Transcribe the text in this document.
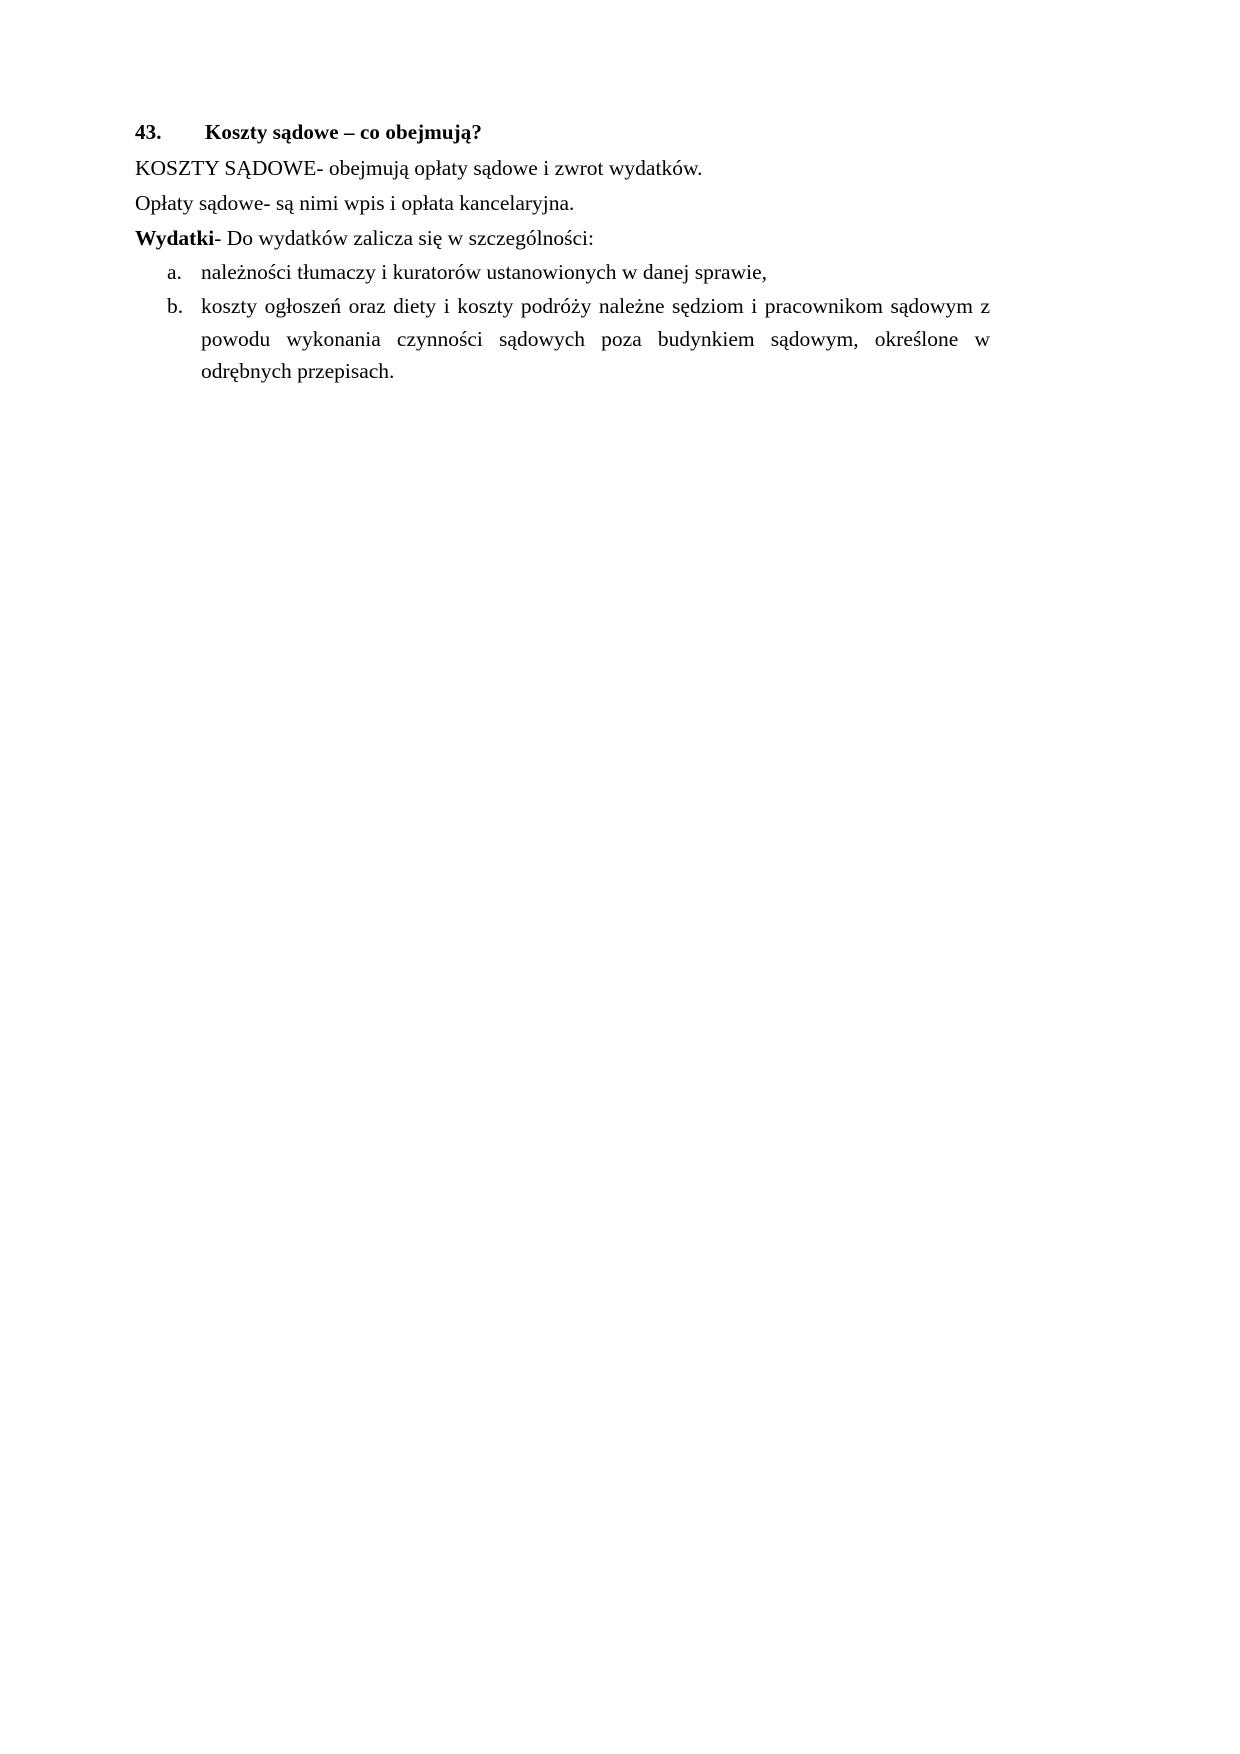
43. Koszty sądowe – co obejmują?

KOSZTY SĄDOWE- obejmują opłaty sądowe i zwrot wydatków.

Opłaty sądowe- są nimi wpis i opłata kancelaryjna.

Wydatki- Do wydatków zalicza się w szczególności:

a. należności tłumaczy i kuratorów ustanowionych w danej sprawie,
b. koszty ogłoszeń oraz diety i koszty podróży należne sędziom i pracownikom sądowym z powodu wykonania czynności sądowych poza budynkiem sądowym, określone w odrębnych przepisach.
